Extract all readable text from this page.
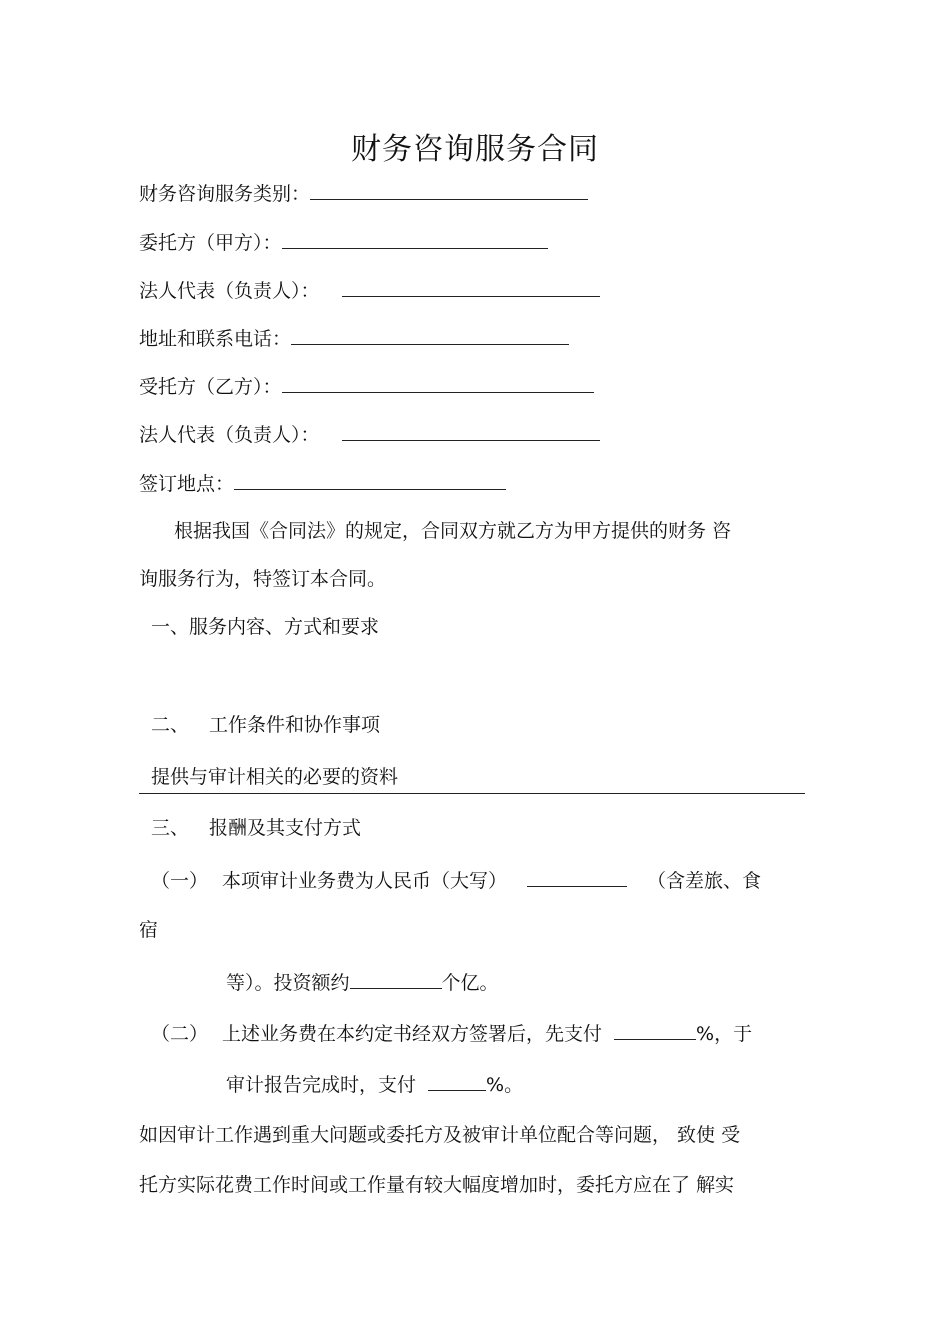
财务咨询服务合同
财务咨询服务类别：
委托方（甲方）：
法人代表（负责人）：
地址和联系电话：
受托方（乙方）：
法人代表（负责人）：
签订地点：
根据我国《合同法》的规定，合同双方就乙方为甲方提供的财务 咨
询服务行为，特签订本合同。
一、服务内容、方式和要求
二、 工作条件和协作事项
提供与审计相关的必要的资料
三、 报酬及其支付方式
（一） 本项审计业务费为人民币（大写）	（含差旅、食
宿
等）。投资额约	个亿。
（二） 上述业务费在本约定书经双方签署后，先支付	%，于
审计报告完成时，支付	%。
如因审计工作遇到重大问题或委托方及被审计单位配合等问题， 致使 受
托方实际花费工作时间或工作量有较大幅度增加时，委托方应在了 解实
